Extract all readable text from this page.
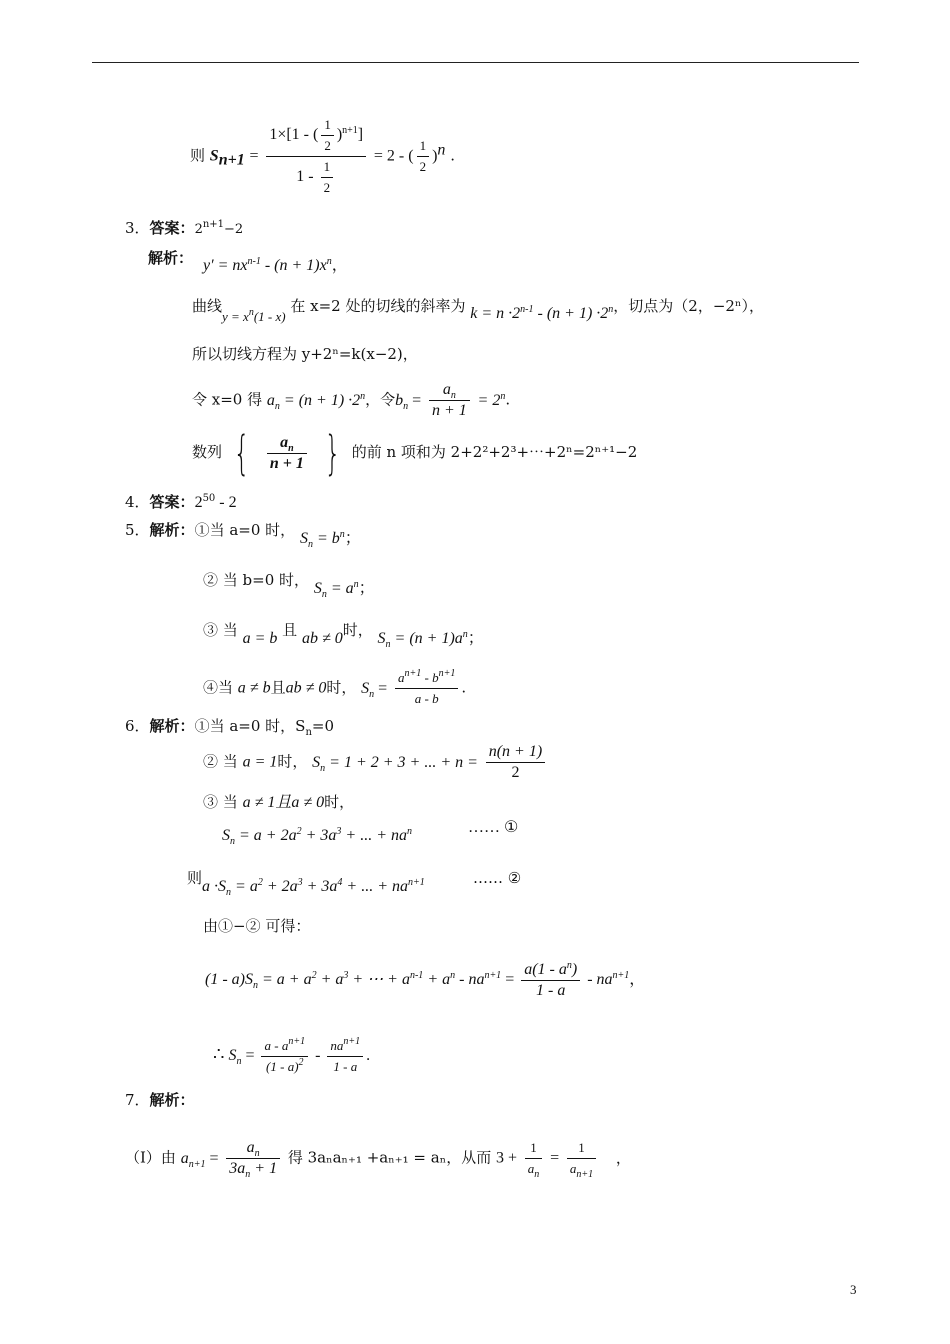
则 $S_{n+1} = \frac{1\times[1 - ( \frac{1}{2} )^{n+1}]}{1 - \frac{1}{2}} = 2$ - ( $\frac{1}{2} )^n$ .
3．答案：$2^{n+1}-2$
解析： $y' = nx^{n-1} - (n + 1)x^n$，
曲线$y = x^n(1 - x)$ 在 x=2 处的切线的斜率为 $k = n \cdot 2^{n-1} - (n + 1) \cdot 2^n$，切点为（2，−2ⁿ），
所以切线方程为 y+2ⁿ=k(x−2)，
令 x=0 得 $a_n = (n + 1) \cdot 2^n$，令$b_n = \frac{a_n}{n + 1} = 2^n$.
数列 { $\frac{a_n}{n + 1}$ } 的前 n 项和为 2+2²+2³+⋯+2ⁿ=2ⁿ⁺¹−2
4．答案：$2^{50} - 2$
5．解析：①当 a=0 时， $S_n = b^n$；
② 当 b=0 时， $S_n = a^n$；
③ 当 a = b 且 ab ≠ 0时， $S_n = (n + 1)a^n$；
④当 a ≠ b且ab ≠ 0时， $S_n = \frac{a^{n+1} - b^{n+1}}{a - b}$ .
6．解析：①当 a=0 时，$S_n=0$
② 当 a = 1时， $S_n = 1 + 2 + 3$ + ... + $n = \frac{n(n + 1)}{2}$
③ 当 a ≠ 1且a ≠ 0时，
$S_n = a + 2a^2 + 3a^3$ + ... + $na^n$	…… ①
则$a \cdot S_n = a^2 + 2a^3 + 3a^4$ + ... + $na^{n+1}$	…… ②
由①−② 可得：
$(1 - a)S_n = a + a^2 + a^3$ + ⋯ + $a^{n-1} + a^n - na^{n+1} = \frac{a(1 - a^n)}{1 - a} - na^{n+1}$，
∴ $S_n = \frac{a - a^{n+1}}{(1 - a)^2} - \frac{na^{n+1}}{1 - a}$ .
7．解析：
（Ⅰ）由 $a_{n+1} = \frac{a_n}{3a_n + 1}$ 得 3aₙaₙ₊₁ +aₙ₊₁ = aₙ，从而 $3 + \frac{1}{a_n} = \frac{1}{a_{n+1}}$ ，
3
